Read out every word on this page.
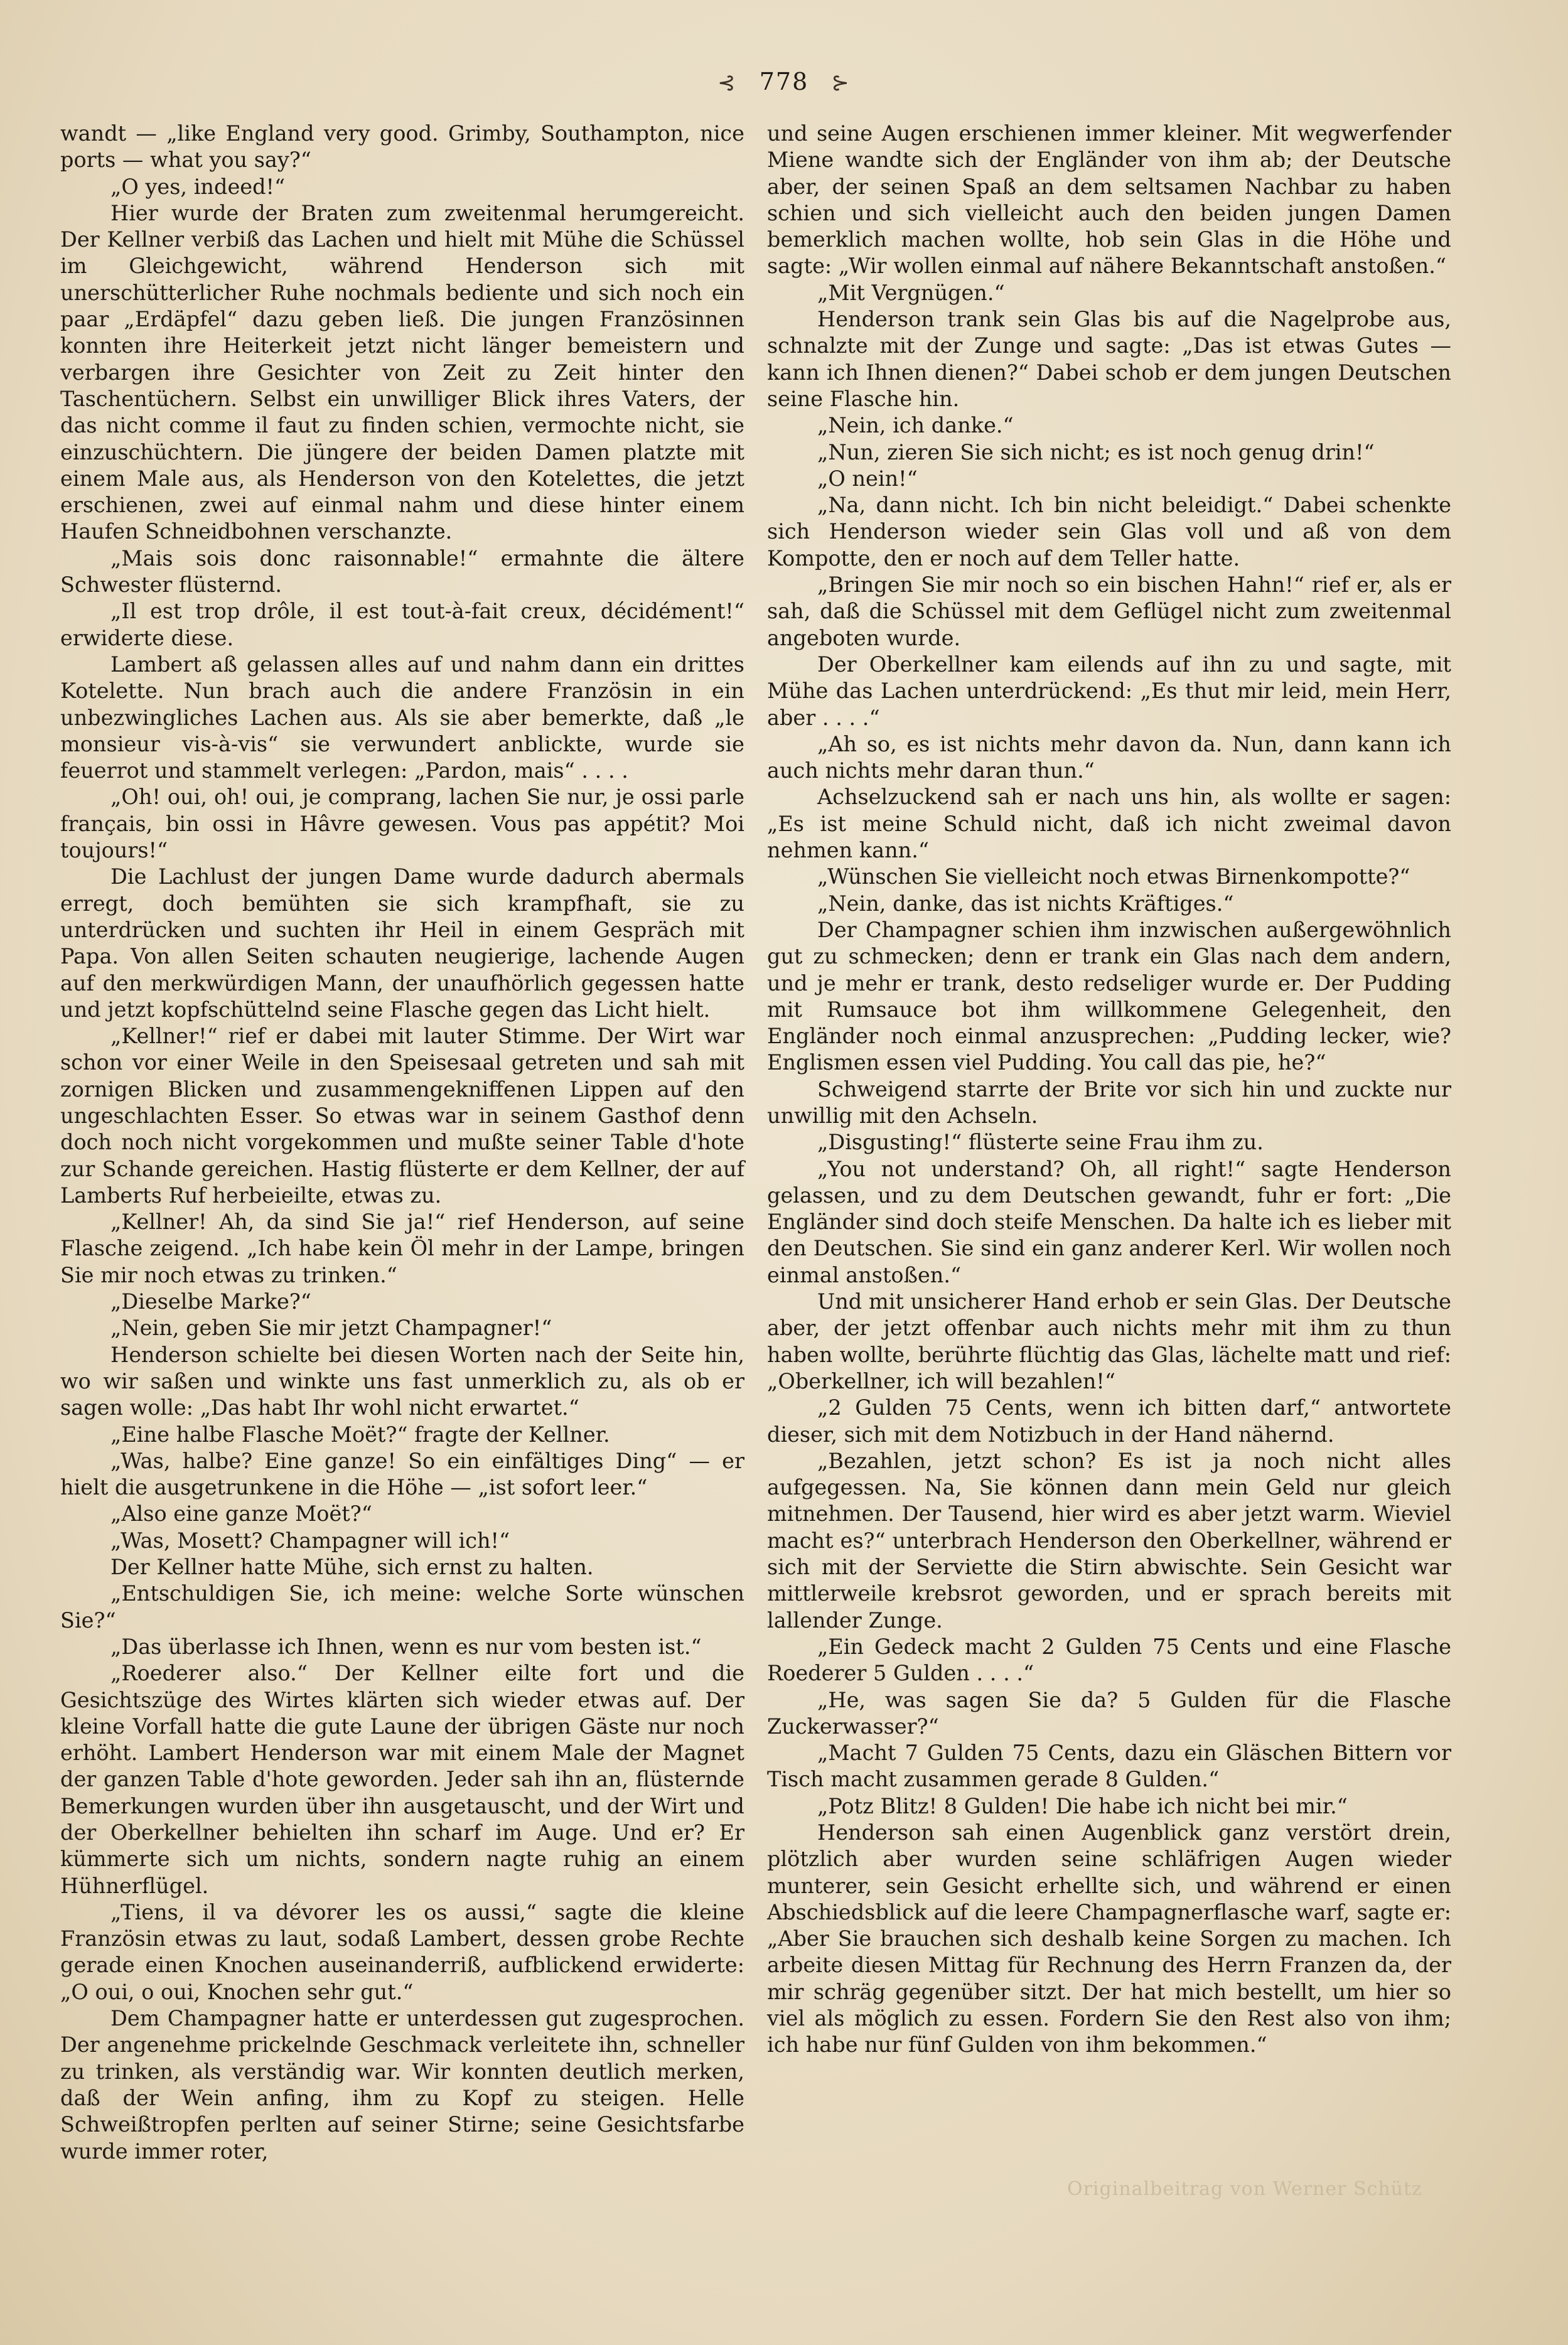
⊰ 778 ⊱

wandt — „like England very good. Grimby, Southampton, nice ports — what you say?“

„O yes, indeed!“

Hier wurde der Braten zum zweitenmal herumgereicht. Der Kellner verbiß das Lachen und hielt mit Mühe die Schüssel im Gleichgewicht, während Henderson sich mit unerschütterlicher Ruhe nochmals bediente und sich noch ein paar „Erdäpfel“ dazu geben ließ. Die jungen Französinnen konnten ihre Heiterkeit jetzt nicht länger bemeistern und verbargen ihre Gesichter von Zeit zu Zeit hinter den Taschentüchern. Selbst ein unwilliger Blick ihres Vaters, der das nicht comme il faut zu finden schien, vermochte nicht, sie einzuschüchtern. Die jüngere der beiden Damen platzte mit einem Male aus, als Henderson von den Kotelettes, die jetzt erschienen, zwei auf einmal nahm und diese hinter einem Haufen Schneidbohnen verschanzte.

„Mais sois donc raisonnable!“ ermahnte die ältere Schwester flüsternd.

„Il est trop drôle, il est tout-à-fait creux, décidément!“ erwiderte diese.

Lambert aß gelassen alles auf und nahm dann ein drittes Kotelette. Nun brach auch die andere Französin in ein unbezwingliches Lachen aus. Als sie aber bemerkte, daß „le monsieur vis-à-vis“ sie verwundert anblickte, wurde sie feuerrot und stammelt verlegen: „Pardon, mais“ . . . .

„Oh! oui, oh! oui, je comprang, lachen Sie nur, je ossi parle français, bin ossi in Hâvre gewesen. Vous pas appétit? Moi toujours!“

Die Lachlust der jungen Dame wurde dadurch abermals erregt, doch bemühten sie sich krampfhaft, sie zu unterdrücken und suchten ihr Heil in einem Gespräch mit Papa. Von allen Seiten schauten neugierige, lachende Augen auf den merkwürdigen Mann, der unaufhörlich gegessen hatte und jetzt kopfschüttelnd seine Flasche gegen das Licht hielt.

„Kellner!“ rief er dabei mit lauter Stimme. Der Wirt war schon vor einer Weile in den Speisesaal getreten und sah mit zornigen Blicken und zusammengekniffenen Lippen auf den ungeschlachten Esser. So etwas war in seinem Gasthof denn doch noch nicht vorgekommen und mußte seiner Table d'hote zur Schande gereichen. Hastig flüsterte er dem Kellner, der auf Lamberts Ruf herbeieilte, etwas zu.

„Kellner! Ah, da sind Sie ja!“ rief Henderson, auf seine Flasche zeigend. „Ich habe kein Öl mehr in der Lampe, bringen Sie mir noch etwas zu trinken.“

„Dieselbe Marke?“

„Nein, geben Sie mir jetzt Champagner!“

Henderson schielte bei diesen Worten nach der Seite hin, wo wir saßen und winkte uns fast unmerklich zu, als ob er sagen wolle: „Das habt Ihr wohl nicht erwartet.“

„Eine halbe Flasche Moët?“ fragte der Kellner.

„Was, halbe? Eine ganze! So ein einfältiges Ding“ — er hielt die ausgetrunkene in die Höhe — „ist sofort leer.“

„Also eine ganze Moët?“

„Was, Mosett? Champagner will ich!“

Der Kellner hatte Mühe, sich ernst zu halten.

„Entschuldigen Sie, ich meine: welche Sorte wünschen Sie?“

„Das überlasse ich Ihnen, wenn es nur vom besten ist.“

„Roederer also.“ Der Kellner eilte fort und die Gesichtszüge des Wirtes klärten sich wieder etwas auf. Der kleine Vorfall hatte die gute Laune der übrigen Gäste nur noch erhöht. Lambert Henderson war mit einem Male der Magnet der ganzen Table d'hote geworden. Jeder sah ihn an, flüsternde Bemerkungen wurden über ihn ausgetauscht, und der Wirt und der Oberkellner behielten ihn scharf im Auge. Und er? Er kümmerte sich um nichts, sondern nagte ruhig an einem Hühnerflügel.

„Tiens, il va dévorer les os aussi,“ sagte die kleine Französin etwas zu laut, sodaß Lambert, dessen grobe Rechte gerade einen Knochen auseinanderriß, aufblickend erwiderte: „O oui, o oui, Knochen sehr gut.“

Dem Champagner hatte er unterdessen gut zugesprochen. Der angenehme prickelnde Geschmack verleitete ihn, schneller zu trinken, als verständig war. Wir konnten deutlich merken, daß der Wein anfing, ihm zu Kopf zu steigen. Helle Schweißtropfen perlten auf seiner Stirne; seine Gesichtsfarbe wurde immer roter,

und seine Augen erschienen immer kleiner. Mit wegwerfender Miene wandte sich der Engländer von ihm ab; der Deutsche aber, der seinen Spaß an dem seltsamen Nachbar zu haben schien und sich vielleicht auch den beiden jungen Damen bemerklich machen wollte, hob sein Glas in die Höhe und sagte: „Wir wollen einmal auf nähere Bekanntschaft anstoßen.“

„Mit Vergnügen.“

Henderson trank sein Glas bis auf die Nagelprobe aus, schnalzte mit der Zunge und sagte: „Das ist etwas Gutes — kann ich Ihnen dienen?“ Dabei schob er dem jungen Deutschen seine Flasche hin.

„Nein, ich danke.“

„Nun, zieren Sie sich nicht; es ist noch genug drin!“

„O nein!“

„Na, dann nicht. Ich bin nicht beleidigt.“ Dabei schenkte sich Henderson wieder sein Glas voll und aß von dem Kompotte, den er noch auf dem Teller hatte.

„Bringen Sie mir noch so ein bischen Hahn!“ rief er, als er sah, daß die Schüssel mit dem Geflügel nicht zum zweitenmal angeboten wurde.

Der Oberkellner kam eilends auf ihn zu und sagte, mit Mühe das Lachen unterdrückend: „Es thut mir leid, mein Herr, aber . . . .“

„Ah so, es ist nichts mehr davon da. Nun, dann kann ich auch nichts mehr daran thun.“

Achselzuckend sah er nach uns hin, als wollte er sagen: „Es ist meine Schuld nicht, daß ich nicht zweimal davon nehmen kann.“

„Wünschen Sie vielleicht noch etwas Birnenkompotte?“

„Nein, danke, das ist nichts Kräftiges.“

Der Champagner schien ihm inzwischen außergewöhnlich gut zu schmecken; denn er trank ein Glas nach dem andern, und je mehr er trank, desto redseliger wurde er. Der Pudding mit Rumsauce bot ihm willkommene Gelegenheit, den Engländer noch einmal anzusprechen: „Pudding lecker, wie? Englismen essen viel Pudding. You call das pie, he?“

Schweigend starrte der Brite vor sich hin und zuckte nur unwillig mit den Achseln.

„Disgusting!“ flüsterte seine Frau ihm zu.

„You not understand? Oh, all right!“ sagte Henderson gelassen, und zu dem Deutschen gewandt, fuhr er fort: „Die Engländer sind doch steife Menschen. Da halte ich es lieber mit den Deutschen. Sie sind ein ganz anderer Kerl. Wir wollen noch einmal anstoßen.“

Und mit unsicherer Hand erhob er sein Glas. Der Deutsche aber, der jetzt offenbar auch nichts mehr mit ihm zu thun haben wollte, berührte flüchtig das Glas, lächelte matt und rief: „Oberkellner, ich will bezahlen!“

„2 Gulden 75 Cents, wenn ich bitten darf,“ antwortete dieser, sich mit dem Notizbuch in der Hand nähernd.

„Bezahlen, jetzt schon? Es ist ja noch nicht alles aufgegessen. Na, Sie können dann mein Geld nur gleich mitnehmen. Der Tausend, hier wird es aber jetzt warm. Wieviel macht es?“ unterbrach Henderson den Oberkellner, während er sich mit der Serviette die Stirn abwischte. Sein Gesicht war mittlerweile krebsrot geworden, und er sprach bereits mit lallender Zunge.

„Ein Gedeck macht 2 Gulden 75 Cents und eine Flasche Roederer 5 Gulden . . . .“

„He, was sagen Sie da? 5 Gulden für die Flasche Zuckerwasser?“

„Macht 7 Gulden 75 Cents, dazu ein Gläschen Bittern vor Tisch macht zusammen gerade 8 Gulden.“

„Potz Blitz! 8 Gulden! Die habe ich nicht bei mir.“

Henderson sah einen Augenblick ganz verstört drein, plötzlich aber wurden seine schläfrigen Augen wieder munterer, sein Gesicht erhellte sich, und während er einen Abschiedsblick auf die leere Champagnerflasche warf, sagte er: „Aber Sie brauchen sich deshalb keine Sorgen zu machen. Ich arbeite diesen Mittag für Rechnung des Herrn Franzen da, der mir schräg gegenüber sitzt. Der hat mich bestellt, um hier so viel als möglich zu essen. Fordern Sie den Rest also von ihm; ich habe nur fünf Gulden von ihm bekommen.“

Originalbeitrag von Werner Schütz
